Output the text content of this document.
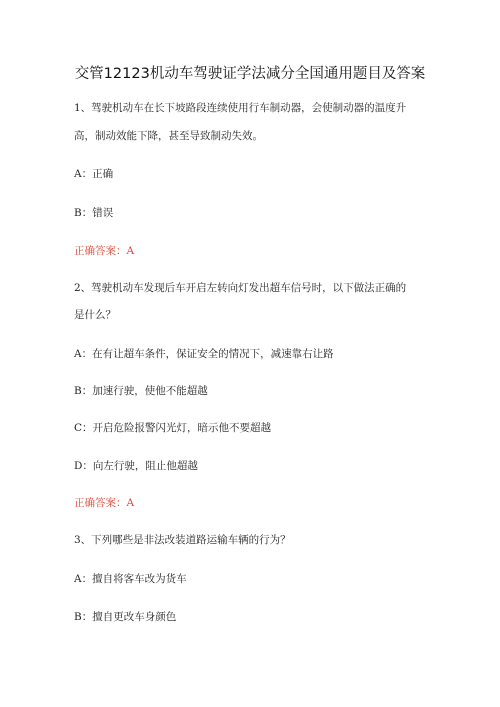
交管12123机动车驾驶证学法减分全国通用题目及答案
1、驾驶机动车在长下坡路段连续使用行车制动器，会使制动器的温度升
高，制动效能下降，甚至导致制动失效。
A：正确
B：错误
正确答案：A
2、驾驶机动车发现后车开启左转向灯发出超车信号时，以下做法正确的
是什么？
A：在有让超车条件，保证安全的情况下，减速靠右让路
B：加速行驶，使他不能超越
C：开启危险报警闪光灯，暗示他不要超越
D：向左行驶，阻止他超越
正确答案：A
3、下列哪些是非法改装道路运输车辆的行为？
A：擅自将客车改为货车
B：擅自更改车身颜色
